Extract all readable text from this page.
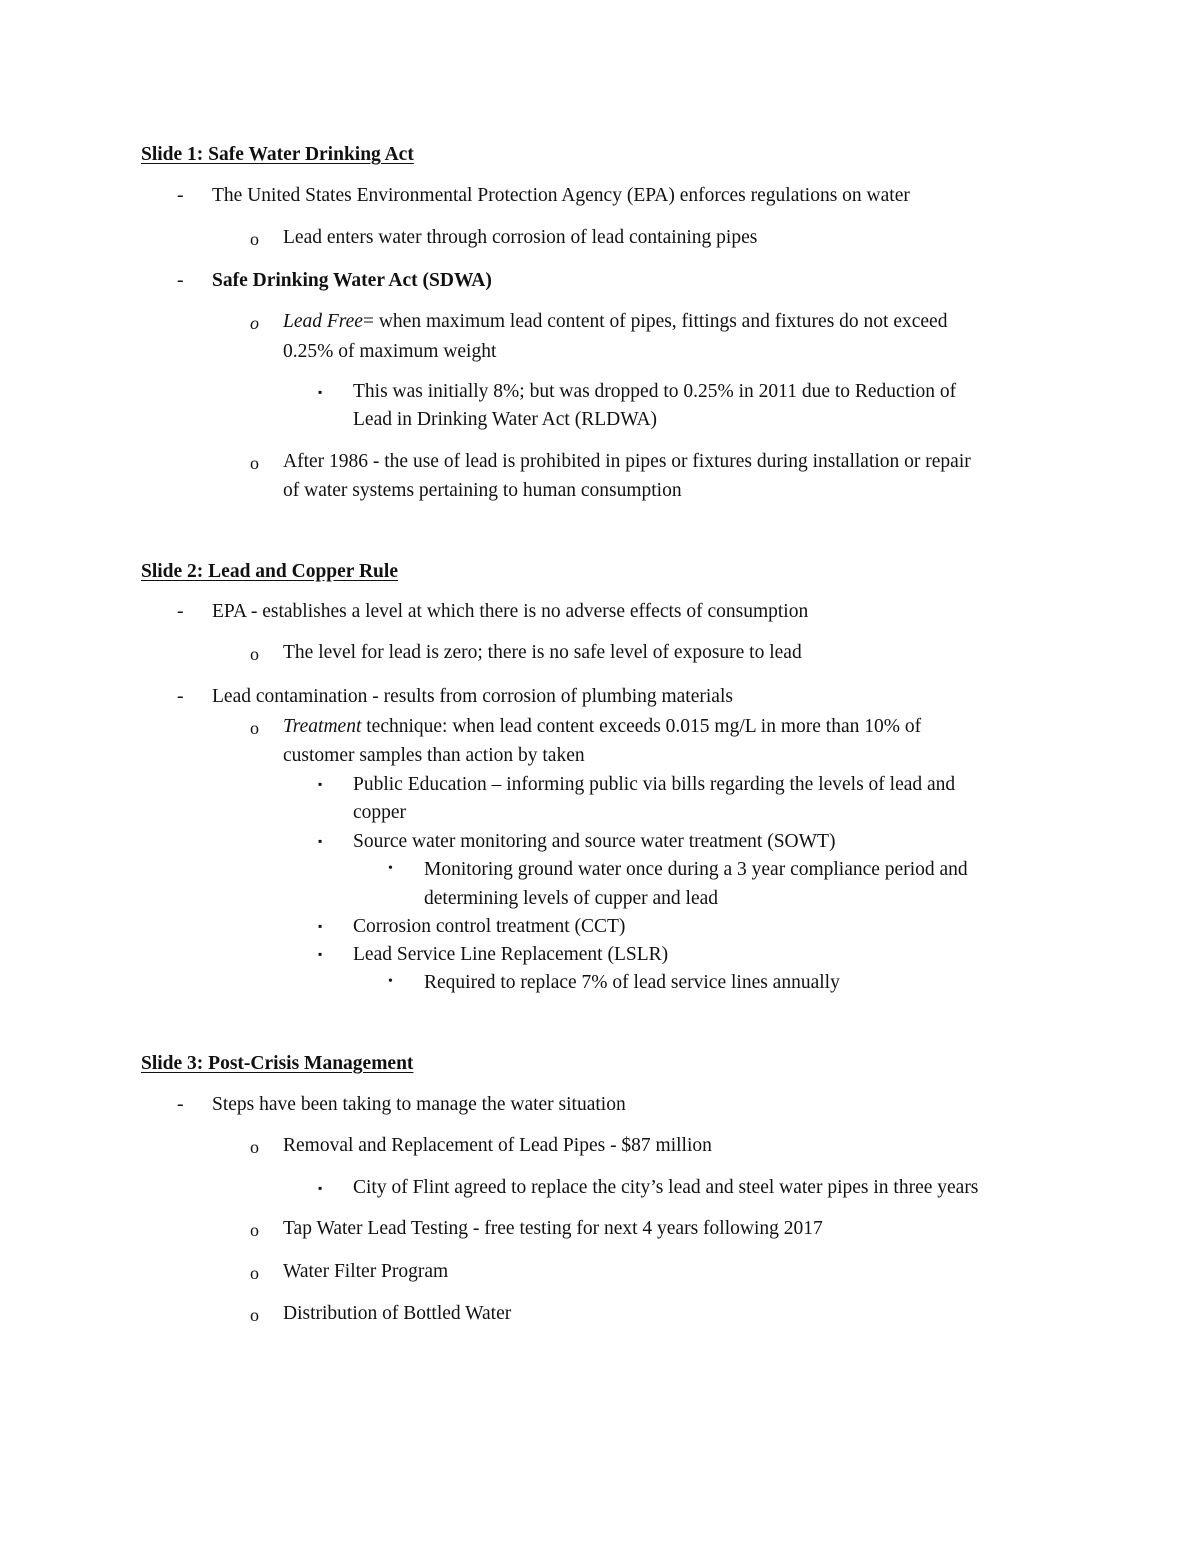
Slide 1: Safe Water Drinking Act
- The United States Environmental Protection Agency (EPA) enforces regulations on water
o Lead enters water through corrosion of lead containing pipes
- Safe Drinking Water Act (SDWA)
o Lead Free= when maximum lead content of pipes, fittings and fixtures do not exceed
0.25% of maximum weight
▪ This was initially 8%; but was dropped to 0.25% in 2011 due to Reduction of
Lead in Drinking Water Act (RLDWA)
o After 1986 - the use of lead is prohibited in pipes or fixtures during installation or repair
of water systems pertaining to human consumption
Slide 2: Lead and Copper Rule
- EPA - establishes a level at which there is no adverse effects of consumption
o The level for lead is zero; there is no safe level of exposure to lead
- Lead contamination - results from corrosion of plumbing materials
o Treatment technique: when lead content exceeds 0.015 mg/L in more than 10% of
customer samples than action by taken
▪ Public Education – informing public via bills regarding the levels of lead and
copper
▪ Source water monitoring and source water treatment (SOWT)
• Monitoring ground water once during a 3 year compliance period and
determining levels of cupper and lead
▪ Corrosion control treatment (CCT)
▪ Lead Service Line Replacement (LSLR)
• Required to replace 7% of lead service lines annually
Slide 3: Post-Crisis Management
- Steps have been taking to manage the water situation
o Removal and Replacement of Lead Pipes - $87 million
▪ City of Flint agreed to replace the city’s lead and steel water pipes in three years
o Tap Water Lead Testing - free testing for next 4 years following 2017
o Water Filter Program
o Distribution of Bottled Water
